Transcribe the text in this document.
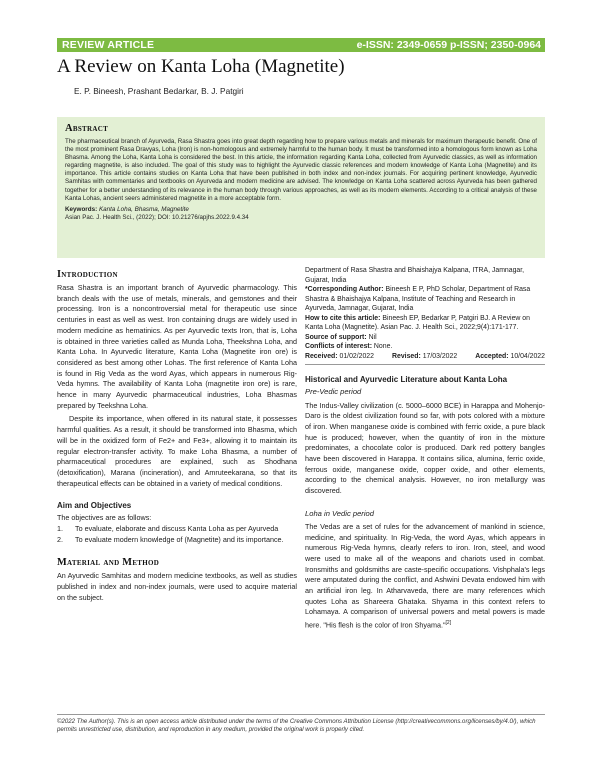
REVIEW ARTICLE	e-ISSN: 2349-0659 p-ISSN; 2350-0964
A Review on Kanta Loha (Magnetite)
E. P. Bineesh, Prashant Bedarkar, B. J. Patgiri
Abstract
The pharmaceutical branch of Ayurveda, Rasa Shastra goes into great depth regarding how to prepare various metals and minerals for maximum therapeutic benefit. One of the most prominent Rasa Dravyas, Loha (Iron) is non-homologous and extremely harmful to the human body. It must be transformed into a homologous form known as Loha Bhasma. Among the Loha, Kanta Loha is considered the best. In this article, the information regarding Kanta Loha, collected from Ayurvedic classics, as well as information regarding magnetite, is also included. The goal of this study was to highlight the Ayurvedic classic references and modern knowledge of Kanta Loha (Magnetite) and its importance. This article contains studies on Kanta Loha that have been published in both index and non-index journals. For acquiring pertinent knowledge, Ayurvedic Samhitas with commentaries and textbooks on Ayurveda and modern medicine are advised. The knowledge on Kanta Loha scattered across Ayurveda has been gathered together for a better understanding of its relevance in the human body through various approaches, as well as its modern elements. According to a critical analysis of these Kanta Lohas, ancient seers administered magnetite in a more acceptable form.
Keywords: Kanta Loha, Bhasma, Magnetite
Asian Pac. J. Health Sci., (2022); DOI: 10.21276/apjhs.2022.9.4.34
Introduction
Rasa Shastra is an important branch of Ayurvedic pharmacology. This branch deals with the use of metals, minerals, and gemstones and their processing. Iron is a noncontroversial metal for therapeutic use since centuries in east as well as west. Iron containing drugs are widely used in modern medicine as hematinics. As per Ayurvedic texts Iron, that is, Loha is obtained in three varieties called as Munda Loha, Theekshna Loha, and Kanta Loha. In Ayurvedic literature, Kanta Loha (Magnetite iron ore) is considered as best among other Lohas. The first reference of Kanta Loha is found in Rig Veda as the word Ayas, which appears in numerous Rig-Veda hymns. The availability of Kanta Loha (magnetite iron ore) is rare, hence in many Ayurvedic pharmaceutical industries, Loha Bhasmas prepared by Teekshna Loha.
Despite its importance, when offered in its natural state, it possesses harmful qualities. As a result, it should be transformed into Bhasma, which will be in the oxidized form of Fe2+ and Fe3+, allowing it to maintain its regular electron-transfer activity. To make Loha Bhasma, a number of pharmaceutical procedures are explained, such as Shodhana (detoxification), Marana (incineration), and Amruteekarana, so that its therapeutical effects can be obtained in a variety of medical conditions.
Aim and Objectives
The objectives are as follows:
1.	To evaluate, elaborate and discuss Kanta Loha as per Ayurveda
2.	To evaluate modern knowledge of (Magnetite) and its importance.
Material and Method
An Ayurvedic Samhitas and modern medicine textbooks, as well as studies published in index and non-index journals, were used to acquire material on the subject.
Department of Rasa Shastra and Bhaishajya Kalpana, ITRA, Jamnagar, Gujarat, India
*Corresponding Author: Bineesh E P, PhD Scholar, Department of Rasa Shastra & Bhaishajya Kalpana, Institute of Teaching and Research in Ayurveda, Jamnagar, Gujarat, India
How to cite this article: Bineesh EP, Bedarkar P, Patgiri BJ. A Review on Kanta Loha (Magnetite). Asian Pac. J. Health Sci., 2022;9(4):171-177.
Source of support: Nil
Conflicts of interest: None.
Received: 01/02/2022	Revised: 17/03/2022	Accepted: 10/04/2022
Historical and Ayurvedic Literature about Kanta Loha
Pre-Vedic period
The Indus-Valley civilization (c. 5000–6000 BCE) in Harappa and Mohenjo-Daro is the oldest civilization found so far, with pots colored with a mixture of iron. When manganese oxide is combined with ferric oxide, a pure black hue is produced; however, when the quantity of iron in the mixture predominates, a chocolate color is produced. Dark red pottery bangles have been discovered in Harappa. It contains silica, alumina, ferric oxide, ferrous oxide, manganese oxide, copper oxide, and other elements, according to the chemical analysis. However, no iron metallurgy was discovered.
Loha in Vedic period
The Vedas are a set of rules for the advancement of mankind in science, medicine, and spirituality. In Rig-Veda, the word Ayas, which appears in numerous Rig-Veda hymns, clearly refers to iron. Iron, steel, and wood were used to make all of the weapons and chariots used in combat. Ironsmiths and goldsmiths are caste-specific occupations. Vishphala's legs were amputated during the conflict, and Ashwini Devata endowed him with an artificial iron leg. In Atharvaveda, there are many references which quotes Loha as Shareera Ghataka. Shyama in this context refers to Lohamaya. A comparison of universal powers and metal powers is made here. "His flesh is the color of Iron Shyama."[2]
©2022 The Author(s). This is an open access article distributed under the terms of the Creative Commons Attribution License (http://creativecommons.org/licenses/by/4.0/), which permits unrestricted use, distribution, and reproduction in any medium, provided the original work is properly cited.
